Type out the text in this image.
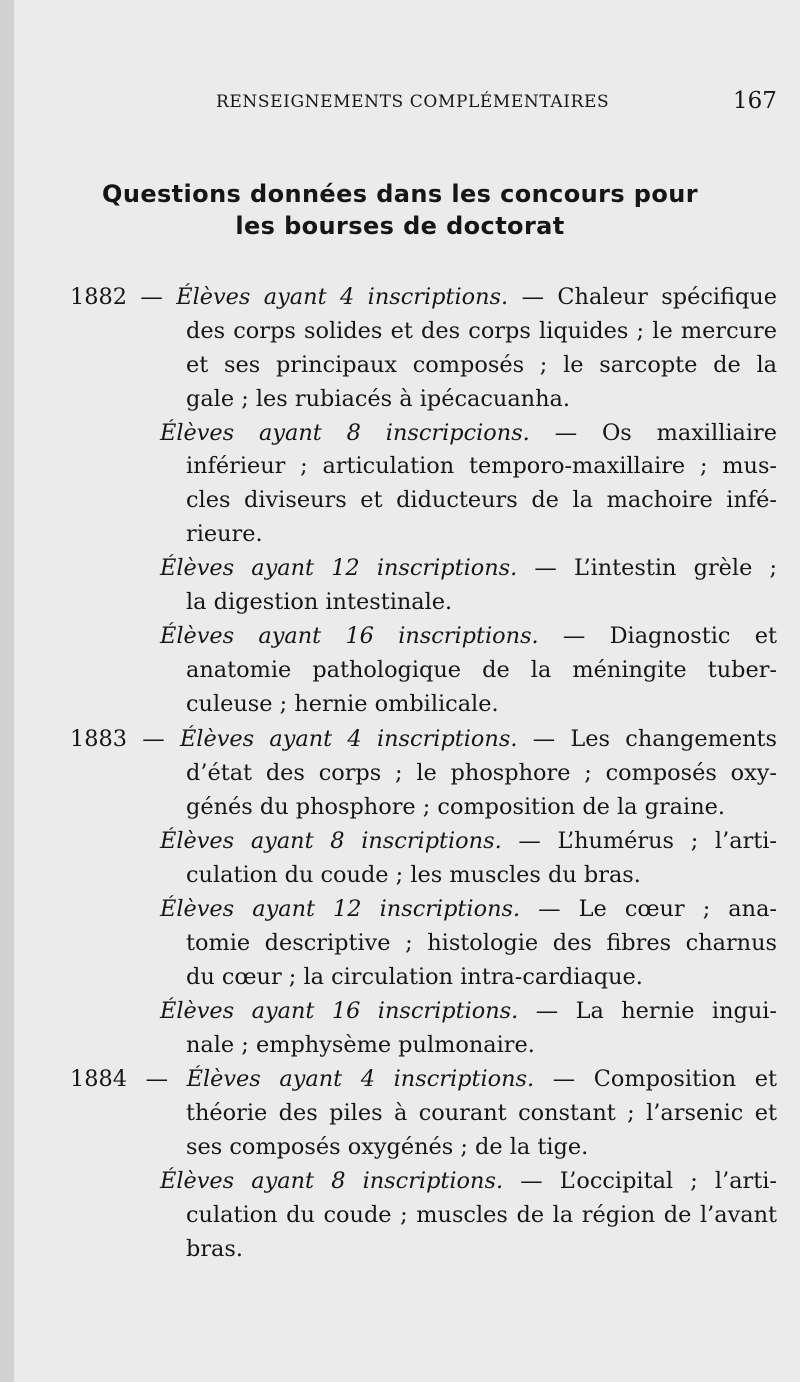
RENSEIGNEMENTS COMPLÉMENTAIRES	167
Questions données dans les concours pour
les bourses de doctorat
1882 — Élèves ayant 4 inscriptions. — Chaleur spécifique
des corps solides et des corps liquides ; le mercure
et ses principaux composés ; le sarcopte de la
gale ; les rubiacés à ipécacuanha.
Élèves ayant 8 inscripcions. — Os maxilliaire
inférieur ; articulation temporo-maxillaire ; mus-
cles diviseurs et diducteurs de la machoire infé-
rieure.
Élèves ayant 12 inscriptions. — L’intestin grèle ;
la digestion intestinale.
Élèves ayant 16 inscriptions. — Diagnostic et
anatomie pathologique de la méningite tuber-
culeuse ; hernie ombilicale.
1883 — Élèves ayant 4 inscriptions. — Les changements
d’état des corps ; le phosphore ; composés oxy-
génés du phosphore ; composition de la graine.
Élèves ayant 8 inscriptions. — L’humérus ; l’arti-
culation du coude ; les muscles du bras.
Élèves ayant 12 inscriptions. — Le cœur ; ana-
tomie descriptive ; histologie des fibres charnus
du cœur ; la circulation intra-cardiaque.
Élèves ayant 16 inscriptions. — La hernie ingui-
nale ; emphysème pulmonaire.
1884 — Élèves ayant 4 inscriptions. — Composition et
théorie des piles à courant constant ; l’arsenic et
ses composés oxygénés ; de la tige.
Élèves ayant 8 inscriptions. — L’occipital ; l’arti-
culation du coude ; muscles de la région de l’avant
bras.
